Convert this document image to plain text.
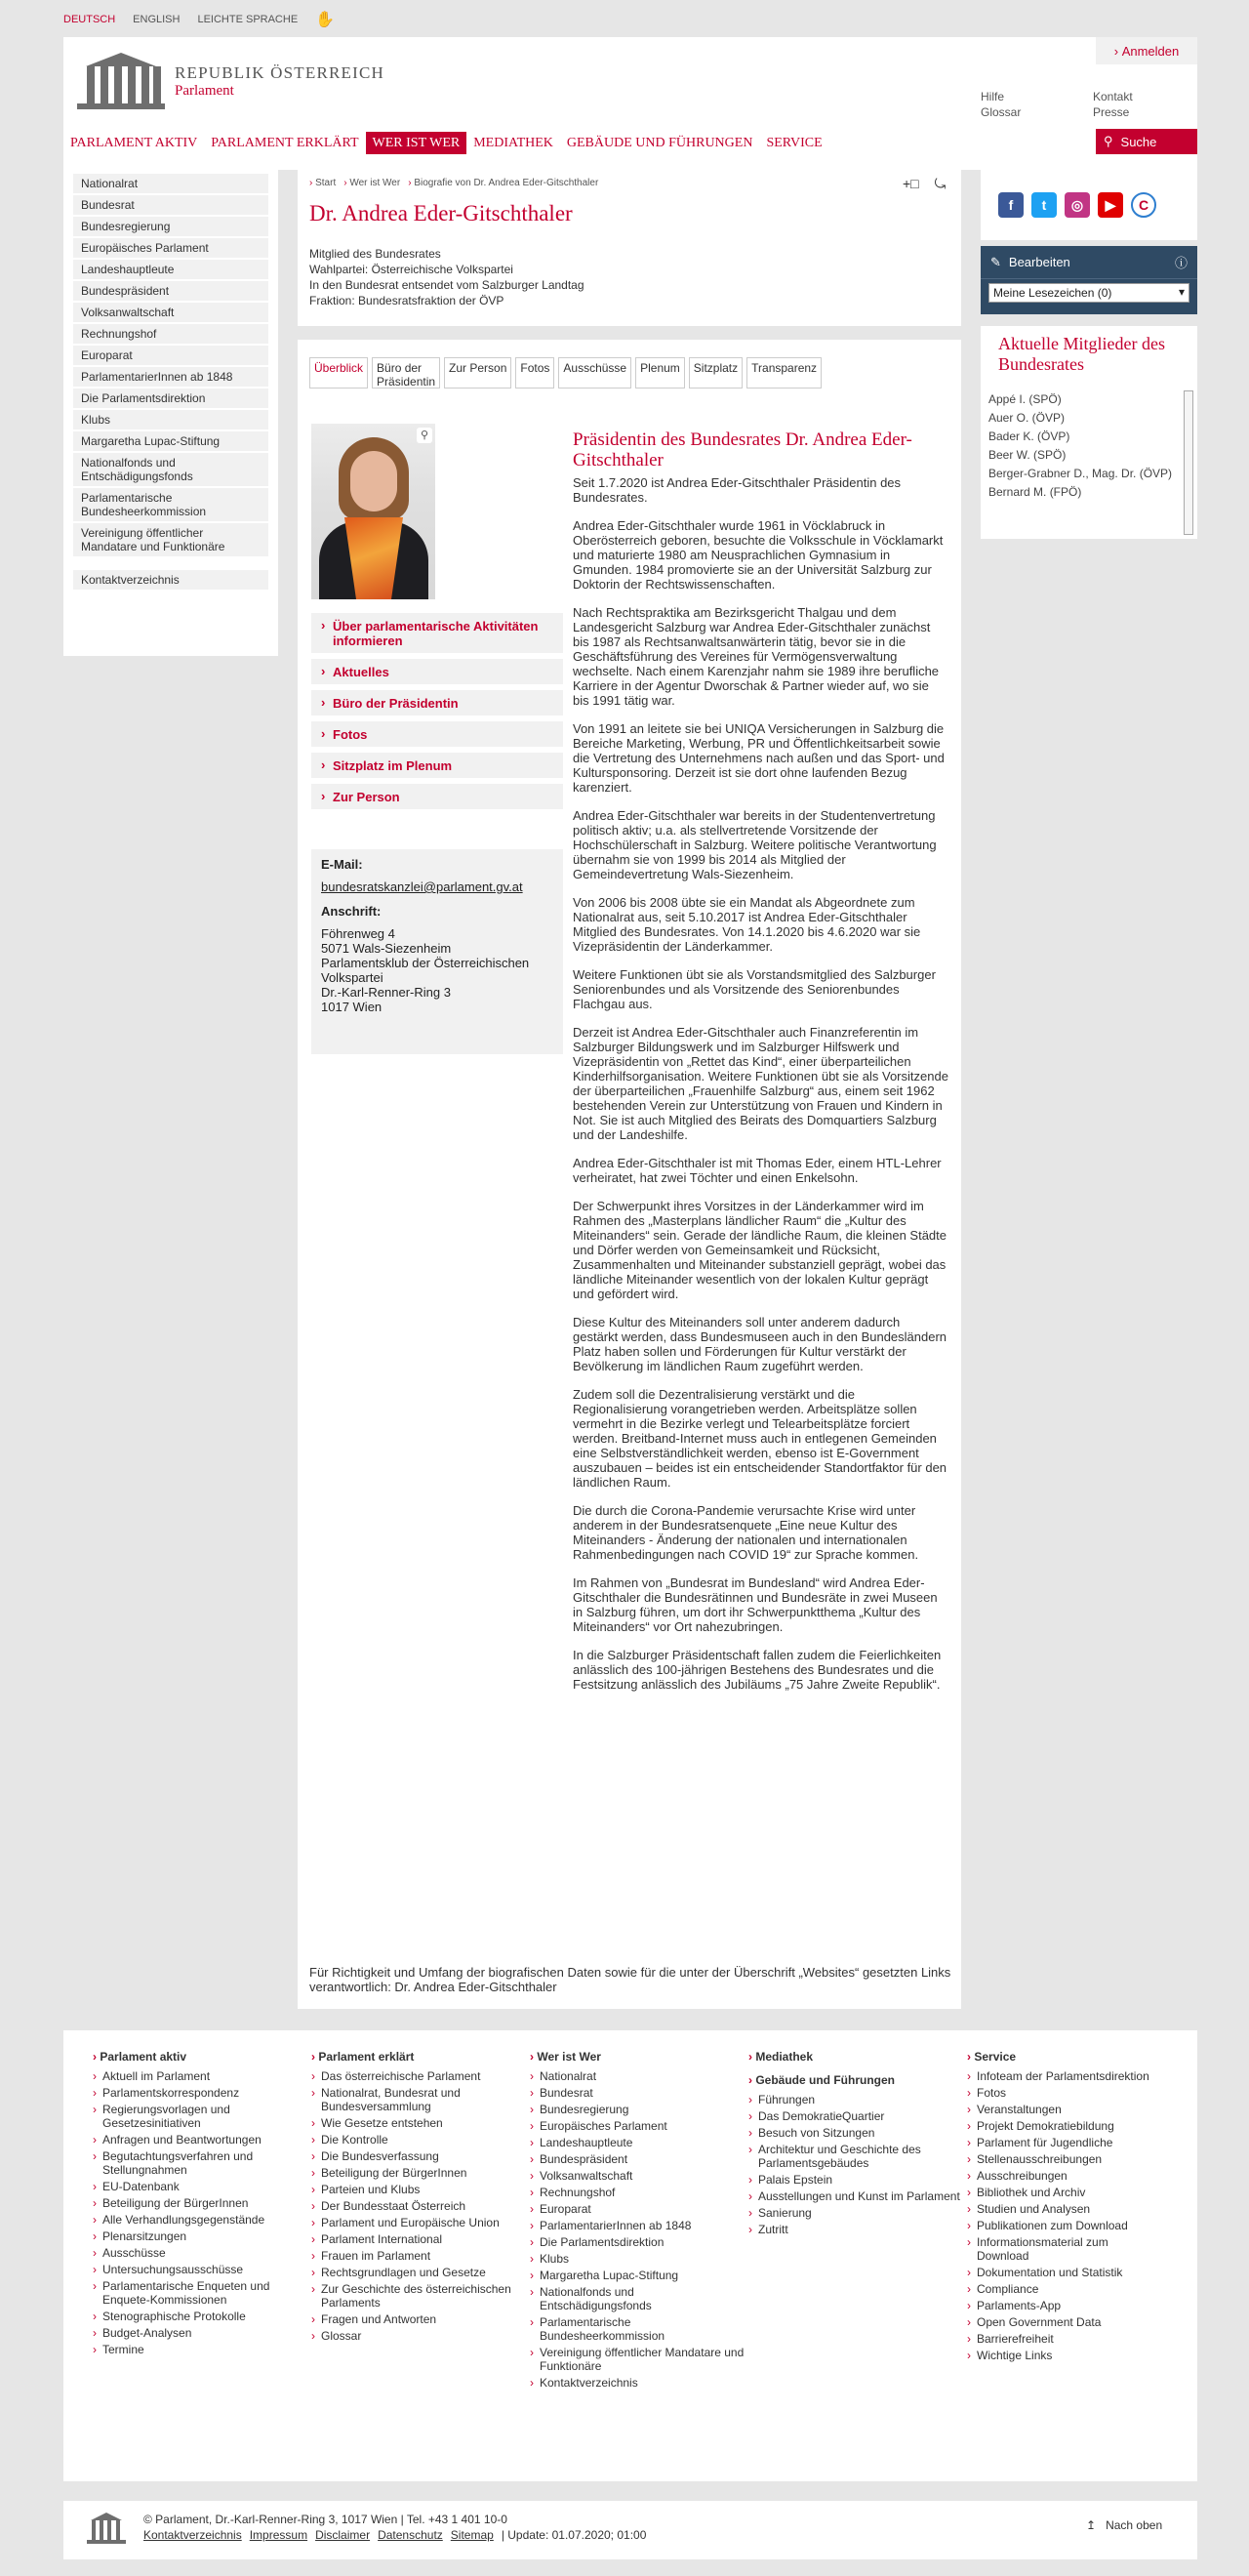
DEUTSCH ENGLISH LEICHTE SPRACHE ✋
REPUBLIK ÖSTERREICH
Parlament
› Anmelden
Hilfe	Kontakt
Glossar	Presse
PARLAMENT AKTIV	PARLAMENT ERKLÄRT	WER IST WER	MEDIATHEK	GEBÄUDE UND FÜHRUNGEN	SERVICE	⚲ Suche
Nationalrat
Bundesrat
Bundesregierung
Europäisches Parlament
Landeshauptleute
Bundespräsident
Volksanwaltschaft
Rechnungshof
Europarat
ParlamentarierInnen ab 1848
Die Parlamentsdirektion
Klubs
Margaretha Lupac-Stiftung
Nationalfonds und Entschädigungsfonds
Parlamentarische Bundesheerkommission
Vereinigung öffentlicher Mandatare und Funktionäre
Kontaktverzeichnis
› Start	› Wer ist Wer	› Biografie von Dr. Andrea Eder-Gitschthaler	+□ ⤿
Dr. Andrea Eder-Gitschthaler
Mitglied des Bundesrates
Wahlpartei: Österreichische Volkspartei
In den Bundesrat entsendet vom Salzburger Landtag
Fraktion: Bundesratsfraktion der ÖVP
Überblick	Büro der Präsidentin
Zur Person	Fotos	Ausschüsse	Plenum	Sitzplatz	Transparenz
⚲
› Über parlamentarische Aktivitäten informieren
› Aktuelles
› Büro der Präsidentin
› Fotos
› Sitzplatz im Plenum
› Zur Person
E-Mail:
bundesratskanzlei@parlament.gv.at
Anschrift:
Föhrenweg 4
5071 Wals-Siezenheim
Parlamentsklub der Österreichischen Volkspartei
Dr.-Karl-Renner-Ring 3
1017 Wien
Präsidentin des Bundesrates Dr. Andrea Eder-Gitschthaler

Seit 1.7.2020 ist Andrea Eder-Gitschthaler Präsidentin des Bundesrates.

Andrea Eder-Gitschthaler wurde 1961 in Vöcklabruck in Oberösterreich geboren, besuchte die Volksschule in Vöcklamarkt und maturierte 1980 am Neusprachlichen Gymnasium in Gmunden. 1984 promovierte sie an der Universität Salzburg zur Doktorin der Rechtswissenschaften.

Nach Rechtspraktika am Bezirksgericht Thalgau und dem Landesgericht Salzburg war Andrea Eder-Gitschthaler zunächst bis 1987 als Rechtsanwaltsanwärterin tätig, bevor sie in die Geschäftsführung des Vereines für Vermögensverwaltung wechselte. Nach einem Karenzjahr nahm sie 1989 ihre berufliche Karriere in der Agentur Dworschak & Partner wieder auf, wo sie bis 1991 tätig war.

Von 1991 an leitete sie bei UNIQA Versicherungen in Salzburg die Bereiche Marketing, Werbung, PR und Öffentlichkeitsarbeit sowie die Vertretung des Unternehmens nach außen und das Sport- und Kultursponsoring. Derzeit ist sie dort ohne laufenden Bezug karenziert.

Andrea Eder-Gitschthaler war bereits in der Studentenvertretung politisch aktiv; u.a. als stellvertretende Vorsitzende der Hochschülerschaft in Salzburg. Weitere politische Verantwortung übernahm sie von 1999 bis 2014 als Mitglied der Gemeindevertretung Wals-Siezenheim.

Von 2006 bis 2008 übte sie ein Mandat als Abgeordnete zum Nationalrat aus, seit 5.10.2017 ist Andrea Eder-Gitschthaler Mitglied des Bundesrates. Von 14.1.2020 bis 4.6.2020 war sie Vizepräsidentin der Länderkammer.

Weitere Funktionen übt sie als Vorstandsmitglied des Salzburger Seniorenbundes und als Vorsitzende des Seniorenbundes Flachgau aus.

Derzeit ist Andrea Eder-Gitschthaler auch Finanzreferentin im Salzburger Bildungswerk und im Salzburger Hilfswerk und Vizepräsidentin von „Rettet das Kind“, einer überparteilichen Kinderhilfsorganisation. Weitere Funktionen übt sie als Vorsitzende der überparteilichen „Frauenhilfe Salzburg“ aus, einem seit 1962 bestehenden Verein zur Unterstützung von Frauen und Kindern in Not. Sie ist auch Mitglied des Beirats des Domquartiers Salzburg und der Landeshilfe.

Andrea Eder-Gitschthaler ist mit Thomas Eder, einem HTL-Lehrer verheiratet, hat zwei Töchter und einen Enkelsohn.

Der Schwerpunkt ihres Vorsitzes in der Länderkammer wird im Rahmen des „Masterplans ländlicher Raum“ die „Kultur des Miteinanders“ sein. Gerade der ländliche Raum, die kleinen Städte und Dörfer werden von Gemeinsamkeit und Rücksicht, Zusammenhalten und Miteinander substanziell geprägt, wobei das ländliche Miteinander wesentlich von der lokalen Kultur geprägt und gefördert wird.

Diese Kultur des Miteinanders soll unter anderem dadurch gestärkt werden, dass Bundesmuseen auch in den Bundesländern Platz haben sollen und Förderungen für Kultur verstärkt der Bevölkerung im ländlichen Raum zugeführt werden.

Zudem soll die Dezentralisierung verstärkt und die Regionalisierung vorangetrieben werden. Arbeitsplätze sollen vermehrt in die Bezirke verlegt und Telearbeitsplätze forciert werden. Breitband-Internet muss auch in entlegenen Gemeinden eine Selbstverständlichkeit werden, ebenso ist E-Government auszubauen – beides ist ein entscheidender Standortfaktor für den ländlichen Raum.

Die durch die Corona-Pandemie verursachte Krise wird unter anderem in der Bundesratsenquete „Eine neue Kultur des Miteinanders - Änderung der nationalen und internationalen Rahmenbedingungen nach COVID 19“ zur Sprache kommen.

Im Rahmen von „Bundesrat im Bundesland“ wird Andrea Eder-Gitschthaler die Bundesrätinnen und Bundesräte in zwei Museen in Salzburg führen, um dort ihr Schwerpunktthema „Kultur des Miteinanders“ vor Ort nahezubringen.

In die Salzburger Präsidentschaft fallen zudem die Feierlichkeiten anlässlich des 100-jährigen Bestehens des Bundesrates und die Festsitzung anlässlich des Jubiläums „75 Jahre Zweite Republik“.

Für Richtigkeit und Umfang der biografischen Daten sowie für die unter der Überschrift „Websites“ gesetzten Links verantwortlich: Dr. Andrea Eder-Gitschthaler
f	t	◎	▶	C
✎ Bearbeiten	ⓘ
Meine Lesezeichen (0)	▾
Aktuelle Mitglieder des Bundesrates
Appé I. (SPÖ)
Auer O. (ÖVP)
Bader K. (ÖVP)
Beer W. (SPÖ)
Berger-Grabner D., Mag. Dr. (ÖVP)
Bernard M. (FPÖ)
› Parlament aktiv
› Aktuell im Parlament
› Parlamentskorrespondenz
› Regierungsvorlagen und Gesetzesinitiativen
› Anfragen und Beantwortungen
› Begutachtungsverfahren und Stellungnahmen
› EU-Datenbank
› Beteiligung der BürgerInnen
› Alle Verhandlungsgegenstände
› Plenarsitzungen
› Ausschüsse
› Untersuchungsausschüsse
› Parlamentarische Enqueten und Enquete-Kommissionen
› Stenographische Protokolle
› Budget-Analysen
› Termine
› Parlament erklärt
› Das österreichische Parlament
› Nationalrat, Bundesrat und Bundesversammlung
› Wie Gesetze entstehen
› Die Kontrolle
› Die Bundesverfassung
› Beteiligung der BürgerInnen
› Parteien und Klubs
› Der Bundesstaat Österreich
› Parlament und Europäische Union
› Parlament International
› Frauen im Parlament
› Rechtsgrundlagen und Gesetze
› Zur Geschichte des österreichischen Parlaments
› Fragen und Antworten
› Glossar
› Wer ist Wer
› Nationalrat
› Bundesrat
› Bundesregierung
› Europäisches Parlament
› Landeshauptleute
› Bundespräsident
› Volksanwaltschaft
› Rechnungshof
› Europarat
› ParlamentarierInnen ab 1848
› Die Parlamentsdirektion
› Klubs
› Margaretha Lupac-Stiftung
› Nationalfonds und Entschädigungsfonds
› Parlamentarische Bundesheerkommission
› Vereinigung öffentlicher Mandatare und Funktionäre
› Kontaktverzeichnis
› Mediathek
› Gebäude und Führungen
› Führungen
› Das DemokratieQuartier
› Besuch von Sitzungen
› Architektur und Geschichte des Parlamentsgebäudes
› Palais Epstein
› Ausstellungen und Kunst im Parlament
› Sanierung
› Zutritt
› Service
› Infoteam der Parlamentsdirektion
› Fotos
› Veranstaltungen
› Projekt Demokratiebildung
› Parlament für Jugendliche
› Stellenausschreibungen
› Ausschreibungen
› Bibliothek und Archiv
› Studien und Analysen
› Publikationen zum Download
› Informationsmaterial zum Download
› Dokumentation und Statistik
› Compliance
› Parlaments-App
› Open Government Data
› Barrierefreiheit
› Wichtige Links
© Parlament, Dr.-Karl-Renner-Ring 3, 1017 Wien | Tel. +43 1 401 10-0
Kontaktverzeichnis Impressum Disclaimer Datenschutz Sitemap | Update: 01.07.2020; 01:00
↥ Nach oben
